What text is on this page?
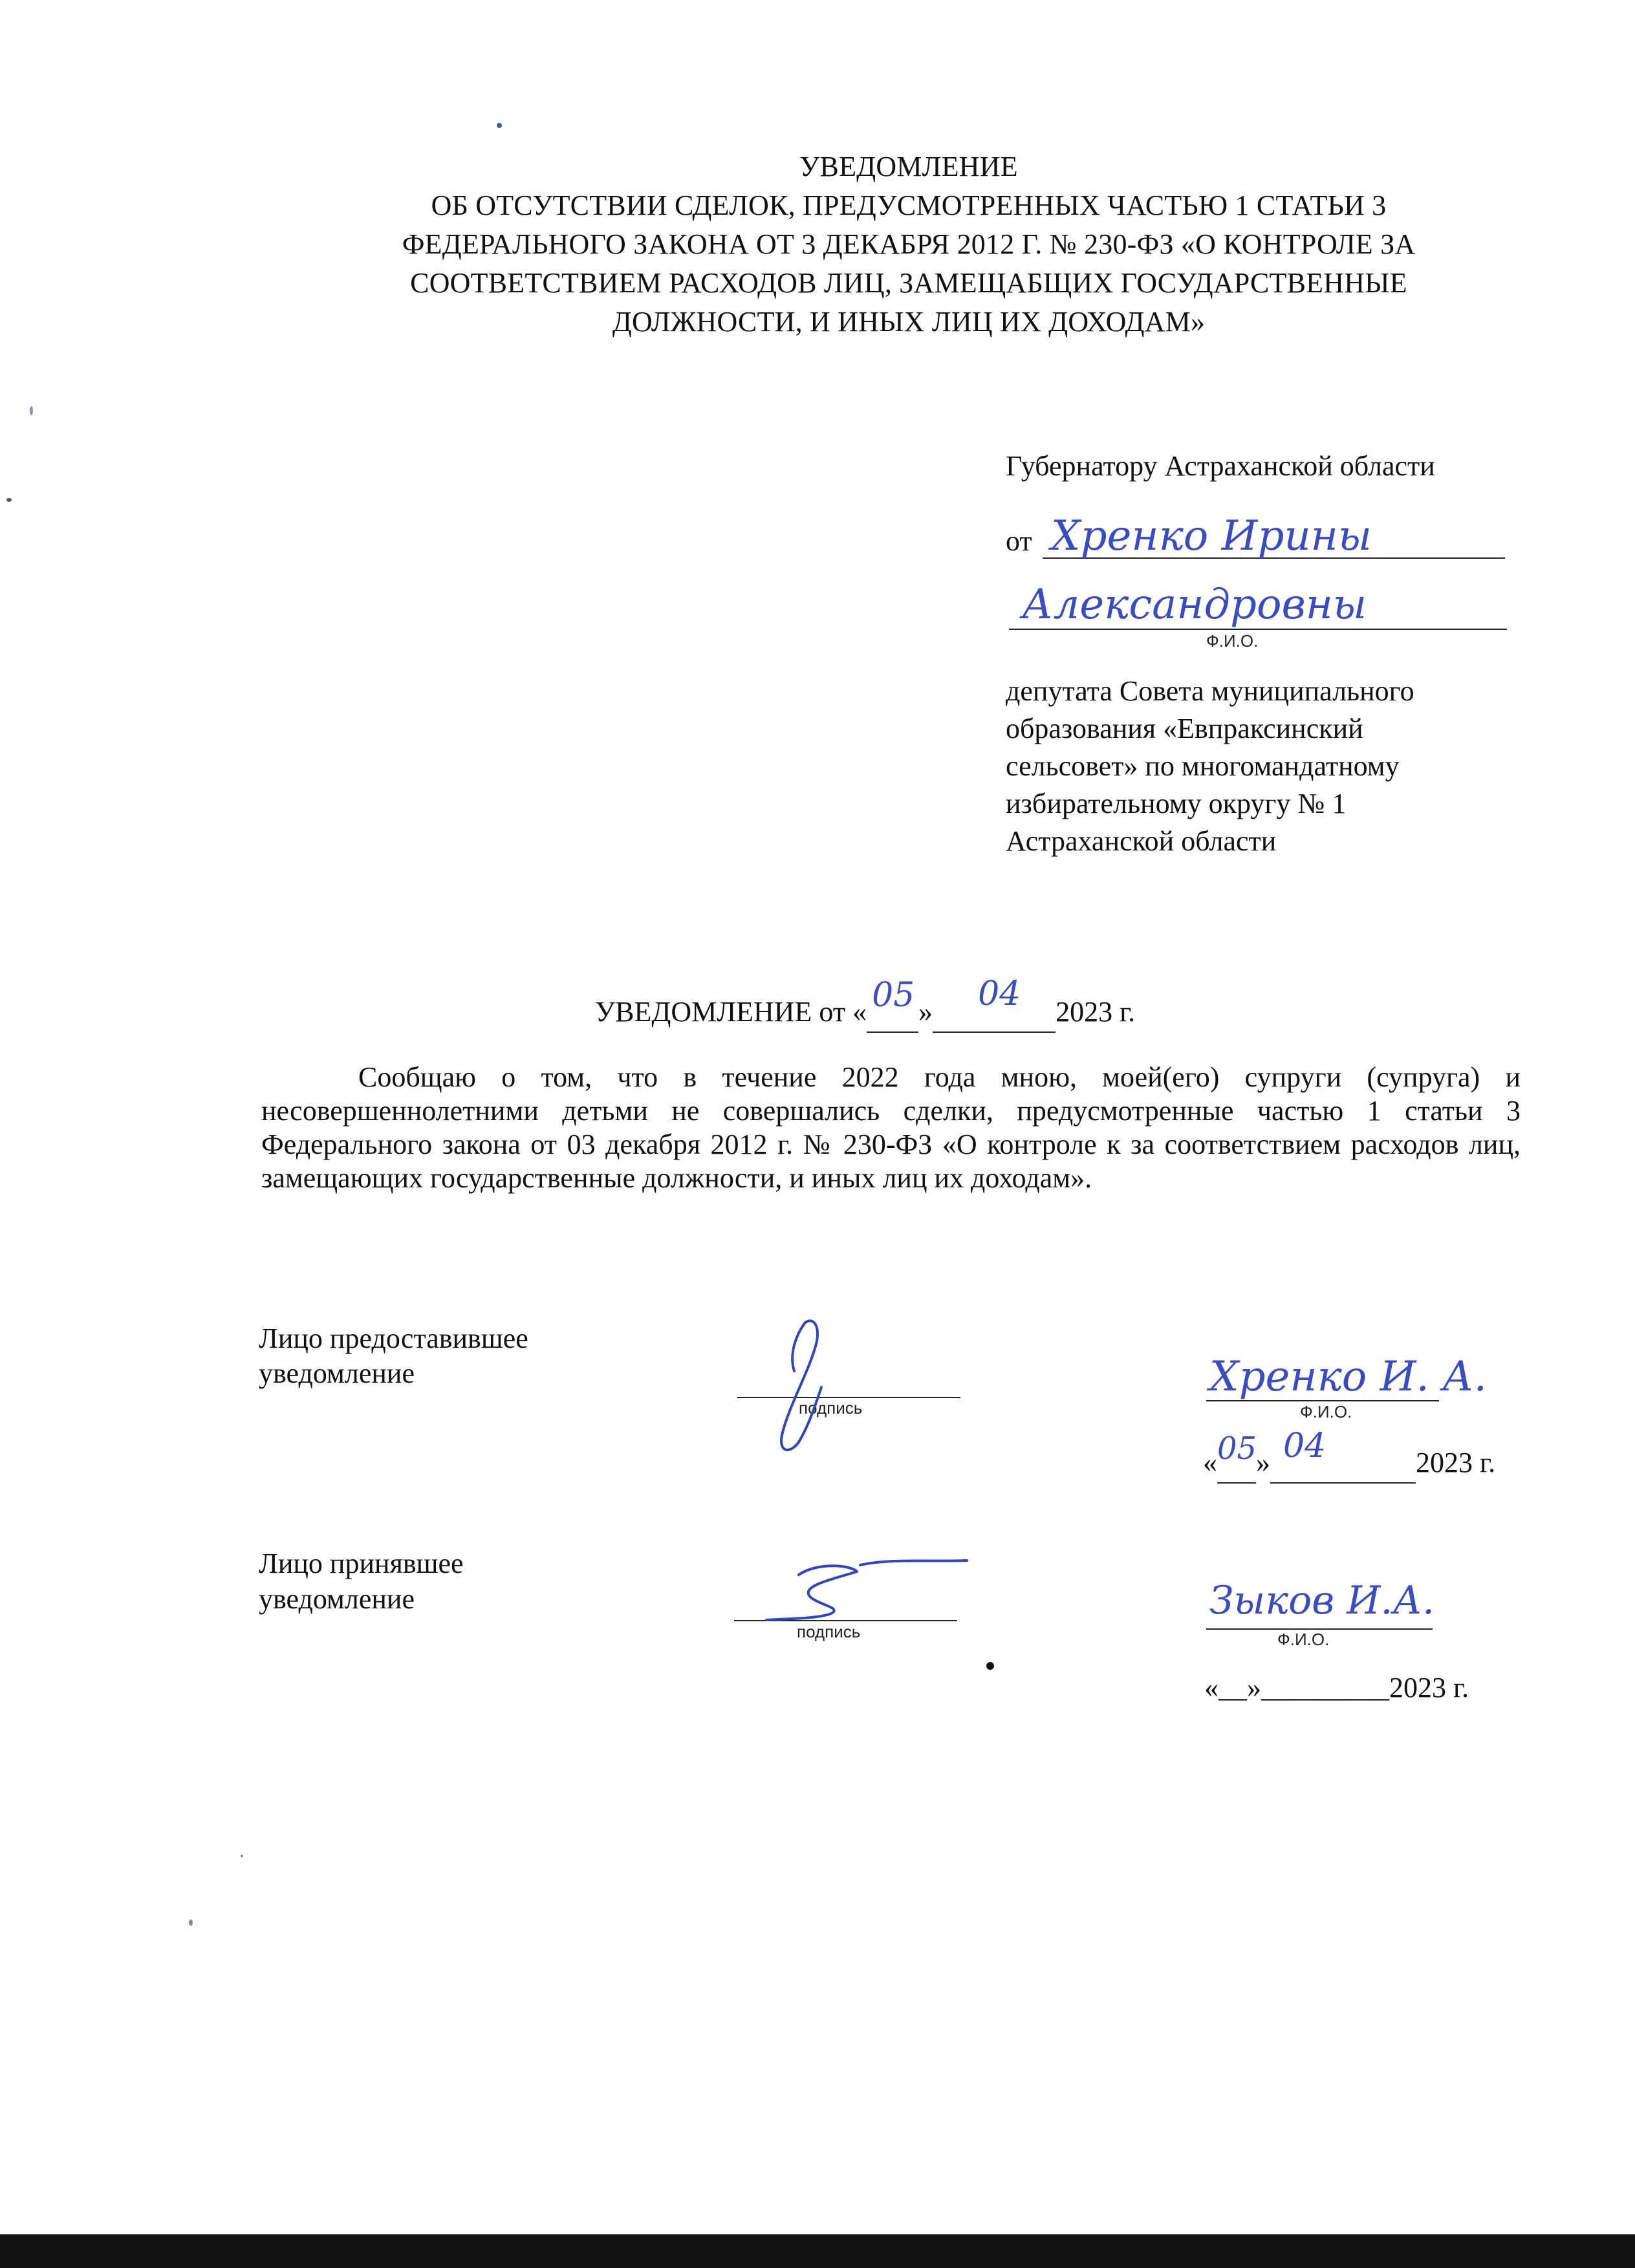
УВЕДОМЛЕНИЕ
ОБ ОТСУТСТВИИ СДЕЛОК, ПРЕДУСМОТРЕННЫХ ЧАСТЬЮ 1 СТАТЬИ 3
ФЕДЕРАЛЬНОГО ЗАКОНА ОТ 3 ДЕКАБРЯ 2012 Г. № 230-ФЗ «О КОНТРОЛЕ ЗА
СООТВЕТСТВИЕМ РАСХОДОВ ЛИЦ, ЗАМЕЩАБЩИХ ГОСУДАРСТВЕННЫЕ
ДОЛЖНОСТИ, И ИНЫХ ЛИЦ ИХ ДОХОДАМ»
Губернатору Астраханской области
от Хренко Ирины
Александровны
Ф.И.О.
депутата Совета муниципального
образования «Евпраксинский
сельсовет» по многомандатному
избирательному округу № 1
Астраханской области
УВЕДОМЛЕНИЕ от « 05 » 04 2023 г.
Сообщаю о том, что в течение 2022 года мною, моей(его) супруги (супруга) и несовершеннолетними детьми не совершались сделки, предусмотренные частью 1 статьи 3 Федерального закона от 03 декабря 2012 г. № 230-ФЗ «О контроле к за соответствием расходов лиц, замещающих государственные должности, и иных лиц их доходам».
Лицо предоставившее
уведомление
подпись
Хренко И. А.
Ф.И.О.
« 05
» 04	2023 г.
Лицо принявшее
уведомление
подпись
Зыков И.А.
Ф.И.О.
«__»_________2023 г.
